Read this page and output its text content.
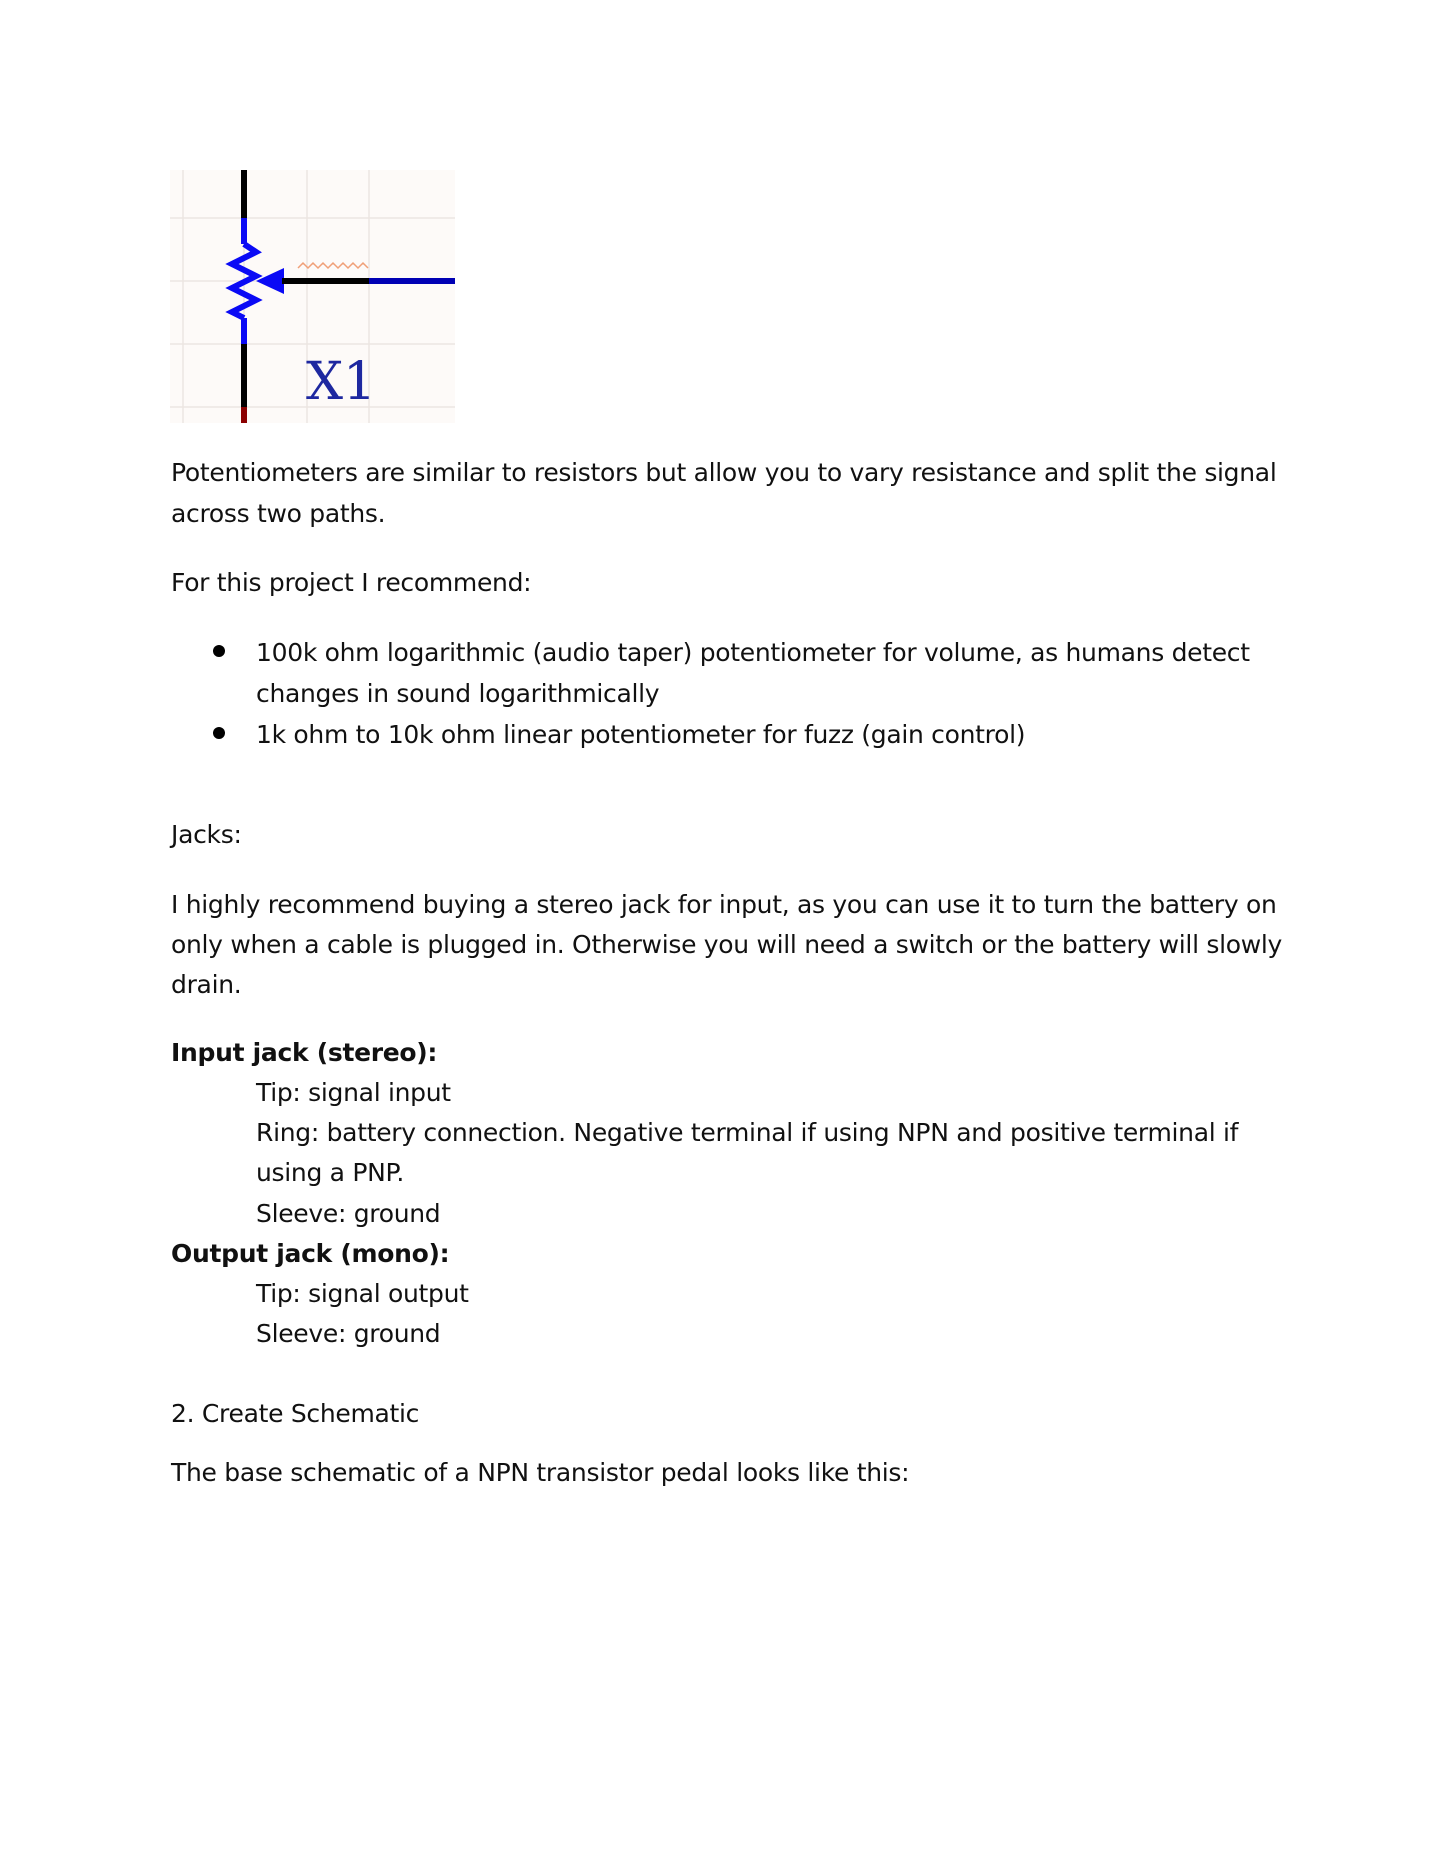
X1
Potentiometers are similar to resistors but allow you to vary resistance and split the signal
across two paths.
For this project I recommend:
100k ohm logarithmic (audio taper) potentiometer for volume, as humans detect
changes in sound logarithmically
1k ohm to 10k ohm linear potentiometer for fuzz (gain control)
Jacks:
I highly recommend buying a stereo jack for input, as you can use it to turn the battery on
only when a cable is plugged in. Otherwise you will need a switch or the battery will slowly
drain.
Input jack (stereo):
Tip: signal input
Ring: battery connection. Negative terminal if using NPN and positive terminal if
using a PNP.
Sleeve: ground
Output jack (mono):
Tip: signal output
Sleeve: ground
2. Create Schematic
The base schematic of a NPN transistor pedal looks like this:
